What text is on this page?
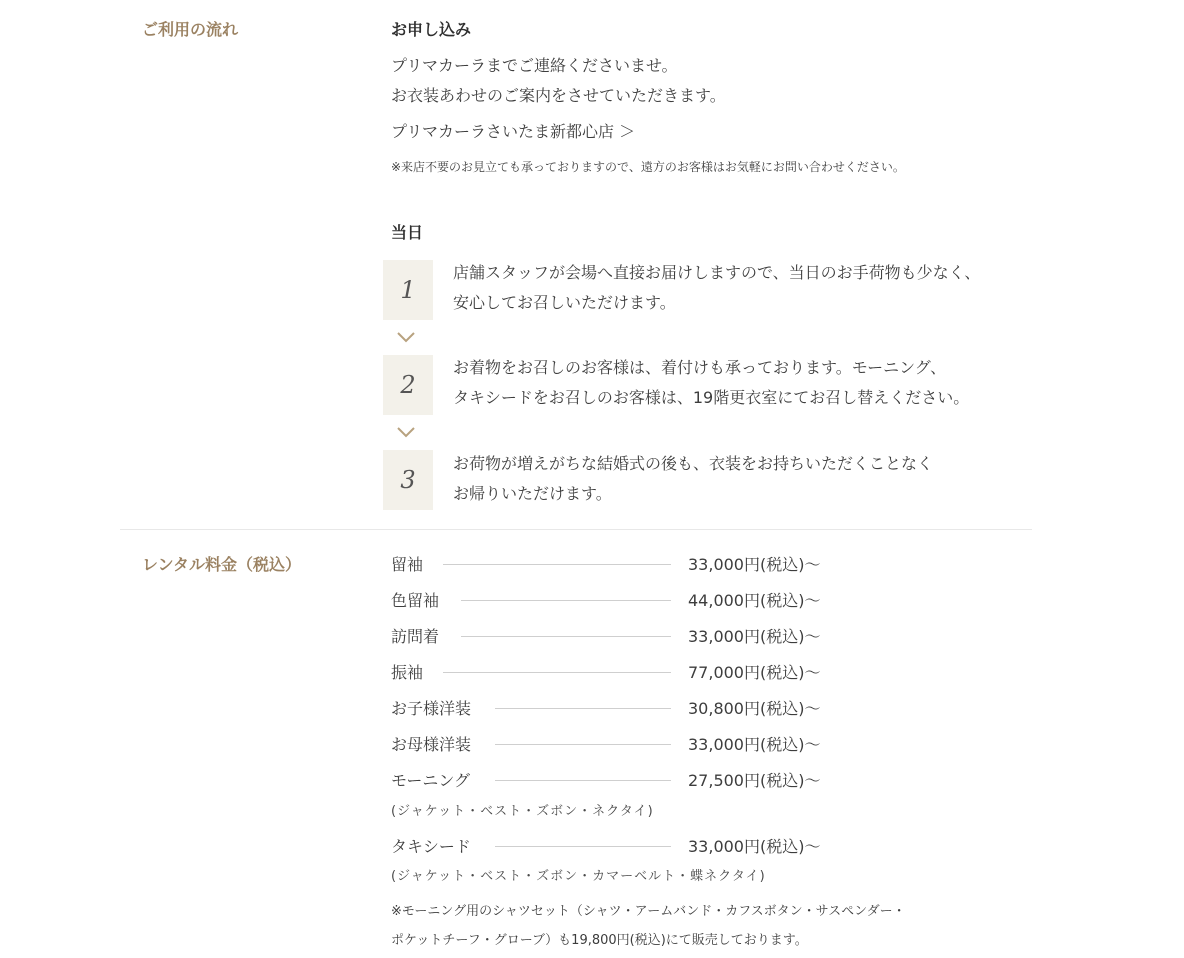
ご利用の流れ	お申し込み
プリマカーラまでご連絡くださいませ。
お衣装あわせのご案内をさせていただきます。
プリマカーラさいたま新都心店 ＞
※来店不要のお見立ても承っておりますので、遠方のお客様はお気軽にお問い合わせください。
当日
1
店舗スタッフが会場へ直接お届けしますので、当日のお手荷物も少なく、
安心してお召しいただけます。
2
お着物をお召しのお客様は、着付けも承っております。モーニング、
タキシードをお召しのお客様は、19階更衣室にてお召し替えください。
3
お荷物が増えがちな結婚式の後も、衣装をお持ちいただくことなく
お帰りいただけます。
レンタル料金（税込）	留袖	33,000円(税込)～
色留袖	44,000円(税込)～
訪問着	33,000円(税込)～
振袖	77,000円(税込)～
お子様洋装	30,800円(税込)～
お母様洋装	33,000円(税込)～
モーニング	27,500円(税込)～
(ジャケット・ベスト・ズボン・ネクタイ)
タキシード	33,000円(税込)～
(ジャケット・ベスト・ズボン・カマーベルト・蝶ネクタイ)
※モーニング用のシャツセット（シャツ・アームバンド・カフスボタン・サスペンダー・
ポケットチーフ・グローブ）も19,800円(税込)にて販売しております。
